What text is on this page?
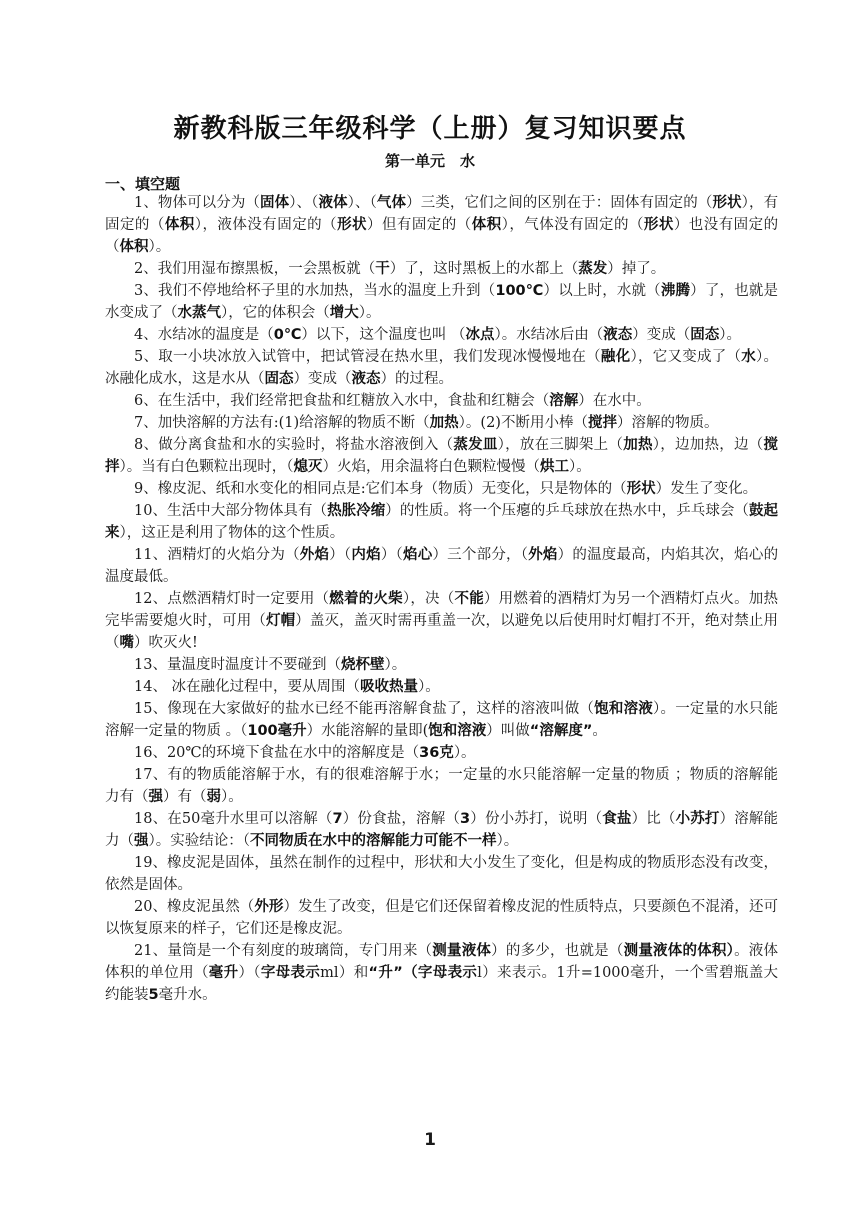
新教科版三年级科学（上册）复习知识要点
第一单元　水
一、填空题

1、物体可以分为（固体）、（液体）、（气体）三类，它们之间的区别在于：固体有固定的（形状），有固定的（体积），液体没有固定的（形状）但有固定的（体积），气体没有固定的（形状）也没有固定的（体积）。

2、我们用湿布擦黑板，一会黑板就（干）了，这时黑板上的水都上（蒸发）掉了。

3、我们不停地给杯子里的水加热，当水的温度上升到（100℃）以上时，水就（沸腾）了，也就是水变成了（水蒸气），它的体积会（增大）。

4、水结冰的温度是（0℃）以下，这个温度也叫 （冰点）。水结冰后由（液态）变成（固态）。

5、取一小块冰放入试管中，把试管浸在热水里，我们发现冰慢慢地在（融化），它又变成了（水）。冰融化成水，这是水从（固态）变成（液态）的过程。

6、在生活中，我们经常把食盐和红糖放入水中，食盐和红糖会（溶解）在水中。

7、加快溶解的方法有:(1)给溶解的物质不断（加热）。(2)不断用小棒（搅拌）溶解的物质。

8、做分离食盐和水的实验时，将盐水溶液倒入（蒸发皿），放在三脚架上（加热），边加热，边（搅拌）。当有白色颗粒出现时，（熄灭）火焰，用余温将白色颗粒慢慢（烘工）。

9、橡皮泥、纸和水变化的相同点是:它们本身（物质）无变化，只是物体的（形状）发生了变化。

10、生活中大部分物体具有（热胀冷缩）的性质。将一个压瘪的乒乓球放在热水中，乒乓球会（鼓起来），这正是利用了物体的这个性质。

11、酒精灯的火焰分为（外焰）（内焰）（焰心）三个部分，（外焰）的温度最高，内焰其次，焰心的温度最低。

12、点燃酒精灯时一定要用（燃着的火柴），决（不能）用燃着的酒精灯为另一个酒精灯点火。加热完毕需要熄火时，可用（灯帽）盖灭，盖灭时需再重盖一次，以避免以后使用时灯帽打不开，绝对禁止用（嘴）吹灭火!

13、量温度时温度计不要碰到（烧杯壁）。

14、 冰在融化过程中，要从周围（吸收热量）。

15、像现在大家做好的盐水已经不能再溶解食盐了，这样的溶液叫做（饱和溶液）。一定量的水只能溶解一定量的物质 。（100毫升）水能溶解的量即(饱和溶液）叫做“溶解度”。

16、20℃的环境下食盐在水中的溶解度是（36克）。

17、有的物质能溶解于水，有的很难溶解于水；一定量的水只能溶解一定量的物质 ；物质的溶解能力有（强）有（弱）。

18、在50毫升水里可以溶解（7）份食盐，溶解（3）份小苏打，说明（食盐）比（小苏打）溶解能力（强）。实验结论：（不同物质在水中的溶解能力可能不一样）。

19、橡皮泥是固体，虽然在制作的过程中，形状和大小发生了变化，但是构成的物质形态没有改变，依然是固体。

20、橡皮泥虽然（外形）发生了改变，但是它们还保留着橡皮泥的性质特点，只要颜色不混淆，还可以恢复原来的样子，它们还是橡皮泥。

21、量筒是一个有刻度的玻璃筒，专门用来（测量液体）的多少，也就是（测量液体的体积）。液体体积的单位用（毫升）（字母表示ml）和“升”（字母表示l）来表示。1升=1000毫升，一个雪碧瓶盖大约能装5毫升水。

1
